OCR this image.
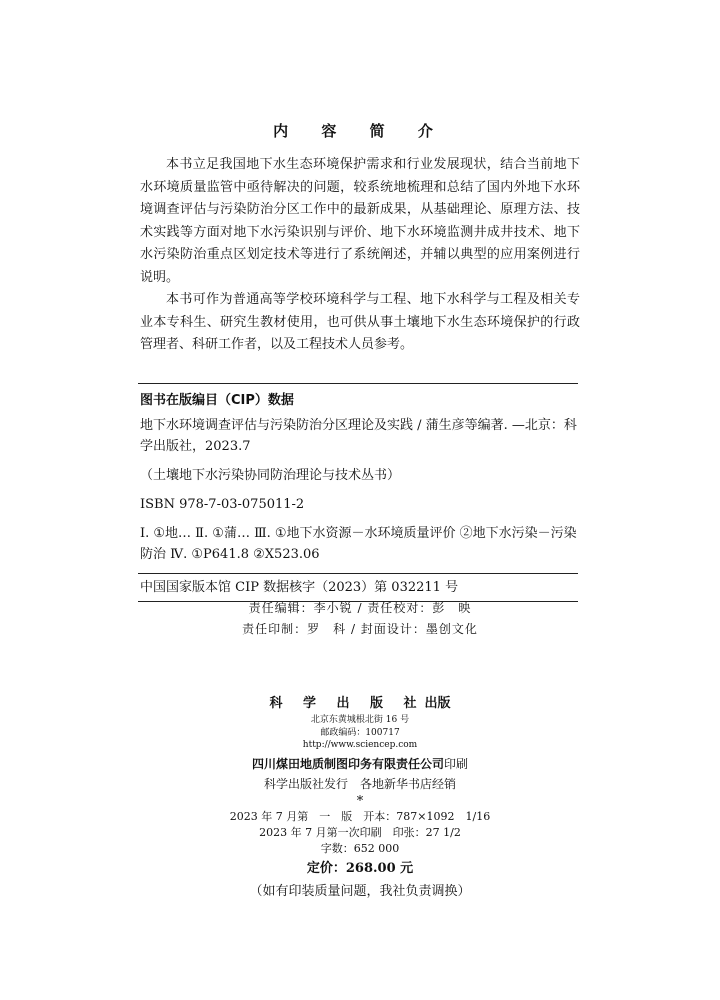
内 容 简 介

本书立足我国地下水生态环境保护需求和行业发展现状，结合当前地下水环境质量监管中亟待解决的问题，较系统地梳理和总结了国内外地下水环境调查评估与污染防治分区工作中的最新成果，从基础理论、原理方法、技术实践等方面对地下水污染识别与评价、地下水环境监测井成井技术、地下水污染防治重点区划定技术等进行了系统阐述，并辅以典型的应用案例进行说明。

本书可作为普通高等学校环境科学与工程、地下水科学与工程及相关专业本专科生、研究生教材使用，也可供从事土壤地下水生态环境保护的行政管理者、科研工作者，以及工程技术人员参考。

图书在版编目（CIP）数据
地下水环境调查评估与污染防治分区理论及实践 / 蒲生彦等编著. —北京：科学出版社，2023.7
（土壤地下水污染协同防治理论与技术丛书）
ISBN 978-7-03-075011-2
Ⅰ. ①地… Ⅱ. ①蒲… Ⅲ. ①地下水资源－水环境质量评价 ②地下水污染－污染防治 Ⅳ. ①P641.8 ②X523.06
中国国家版本馆 CIP 数据核字（2023）第 032211 号
责任编辑：李小锐 / 责任校对：彭　映
责任印制：罗　科 / 封面设计：墨创文化
科 学 出 版 社出版
北京东黄城根北街 16 号
邮政编码：100717
http://www.sciencep.com
四川煤田地质制图印务有限责任公司印刷
科学出版社发行　各地新华书店经销
*
2023 年 7 月第　一　版　开本：787×1092　1/16
2023 年 7 月第一次印刷　印张：27 1/2
字数：652 000
定价：268.00 元
（如有印装质量问题，我社负责调换）
